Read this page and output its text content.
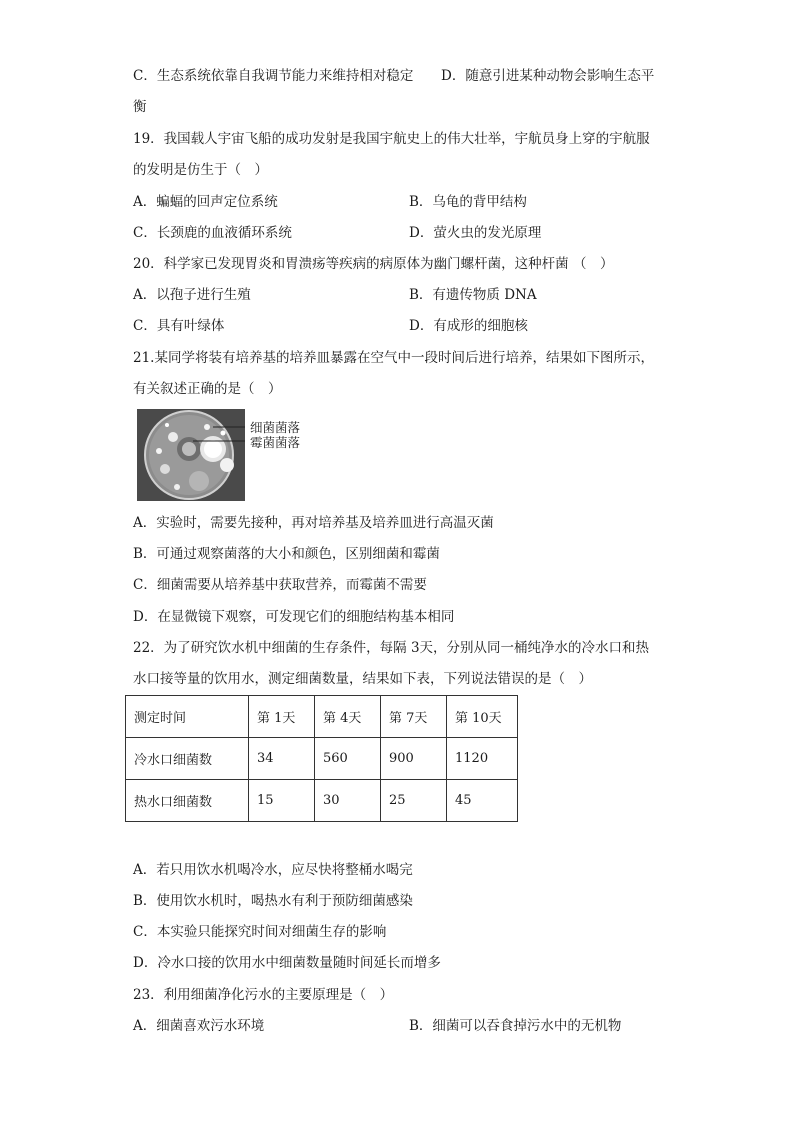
C．生态系统依靠自我调节能力来维持相对稳定 D．随意引进某种动物会影响生态平
衡
19．我国载人宇宙飞船的成功发射是我国宇航史上的伟大壮举，宇航员身上穿的宇航服
的发明是仿生于（　）
A．蝙蝠的回声定位系统	B．乌龟的背甲结构
C．长颈鹿的血液循环系统	D．萤火虫的发光原理
20．科学家已发现胃炎和胃溃疡等疾病的病原体为幽门螺杆菌，这种杆菌 （　）
A．以孢子进行生殖	B．有遗传物质 DNA
C．具有叶绿体	D．有成形的细胞核
21.某同学将装有培养基的培养皿暴露在空气中一段时间后进行培养，结果如下图所示，
有关叙述正确的是（　）
细菌菌落
霉菌菌落
A．实验时，需要先接种，再对培养基及培养皿进行高温灭菌
B．可通过观察菌落的大小和颜色，区别细菌和霉菌
C．细菌需要从培养基中获取营养，而霉菌不需要
D．在显微镜下观察，可发现它们的细胞结构基本相同
22．为了研究饮水机中细菌的生存条件，每隔 3天，分别从同一桶纯净水的冷水口和热
水口接等量的饮用水，测定细菌数量，结果如下表，下列说法错误的是（　）
测定时间	第 1天	第 4天	第 7天	第 10天
冷水口细菌数	34	560	900	1120
热水口细菌数	15	30	25	45
A．若只用饮水机喝冷水，应尽快将整桶水喝完
B．使用饮水机时，喝热水有利于预防细菌感染
C．本实验只能探究时间对细菌生存的影响
D．冷水口接的饮用水中细菌数量随时间延长而增多
23．利用细菌净化污水的主要原理是（　）
A．细菌喜欢污水环境	B．细菌可以吞食掉污水中的无机物
